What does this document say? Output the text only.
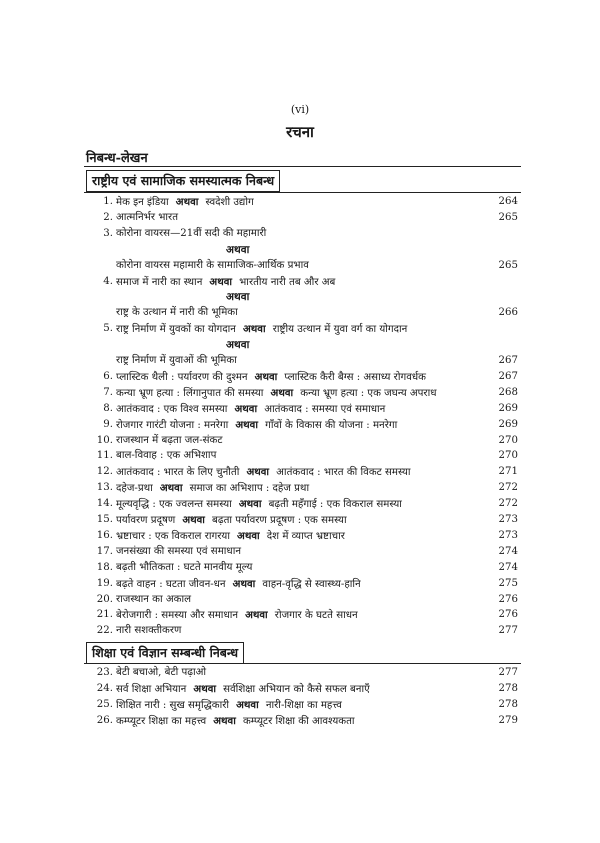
(vi)
रचना
निबन्ध-लेखन
राष्ट्रीय एवं सामाजिक समस्यात्मक निबन्ध
1. मेक इन इंडिया  अथवा  स्वदेशी उद्योग	264
2. आत्मनिर्भर भारत	265
3. कोरोना वायरस—21वीं सदी की महामारी
अथवा
कोरोना वायरस महामारी के सामाजिक-आर्थिक प्रभाव	265
4. समाज में नारी का स्थान  अथवा  भारतीय नारी तब और अब
अथवा
राष्ट्र के उत्थान में नारी की भूमिका	266
5. राष्ट्र निर्माण में युवकों का योगदान  अथवा  राष्ट्रीय उत्थान में युवा वर्ग का योगदान
अथवा
राष्ट्र निर्माण में युवाओं की भूमिका	267
6. प्लास्टिक थैली : पर्यावरण की दुश्मन  अथवा  प्लास्टिक कैरी बैग्स : असाध्य रोगवर्धक	267
7. कन्या भ्रूण हत्या : लिंगानुपात की समस्या  अथवा  कन्या भ्रूण हत्या : एक जघन्य अपराध	268
8. आतंकवाद : एक विश्व समस्या  अथवा  आतंकवाद : समस्या एवं समाधान	269
9. रोजगार गारंटी योजना : मनरेगा  अथवा  गाँवों के विकास की योजना : मनरेगा	269
10. राजस्थान में बढ़ता जल-संकट	270
11. बाल-विवाह : एक अभिशाप	270
12. आतंकवाद : भारत के लिए चुनौती  अथवा  आतंकवाद : भारत की विकट समस्या	271
13. दहेज-प्रथा  अथवा  समाज का अभिशाप : दहेज प्रथा	272
14. मूल्यवृद्धि : एक ज्वलन्त समस्या  अथवा  बढ़ती महँगाई : एक विकराल समस्या	272
15. पर्यावरण प्रदूषण  अथवा  बढ़ता पर्यावरण प्रदूषण : एक समस्या	273
16. भ्रष्टाचार : एक विकराल रागरया  अथवा  देश में व्याप्त भ्रष्टाचार	273
17. जनसंख्या की समस्या एवं समाधान	274
18. बढ़ती भौतिकता : घटते मानवीय मूल्य	274
19. बढ़ते वाहन : घटता जीवन-धन  अथवा  वाहन-वृद्धि से स्वास्थ्य-हानि	275
20. राजस्थान का अकाल	276
21. बेरोजगारी : समस्या और समाधान  अथवा  रोजगार के घटते साधन	276
22. नारी सशक्तीकरण	277
शिक्षा एवं विज्ञान सम्बन्धी निबन्ध
23. बेटी बचाओ, बेटी पढ़ाओ	277
24. सर्व शिक्षा अभियान  अथवा  सर्वशिक्षा अभियान को कैसे सफल बनाएँ	278
25. शिक्षित नारी : सुख समृद्धिकारी  अथवा  नारी-शिक्षा का महत्त्व	278
26. कम्प्यूटर शिक्षा का महत्त्व  अथवा  कम्प्यूटर शिक्षा की आवश्यकता	279
